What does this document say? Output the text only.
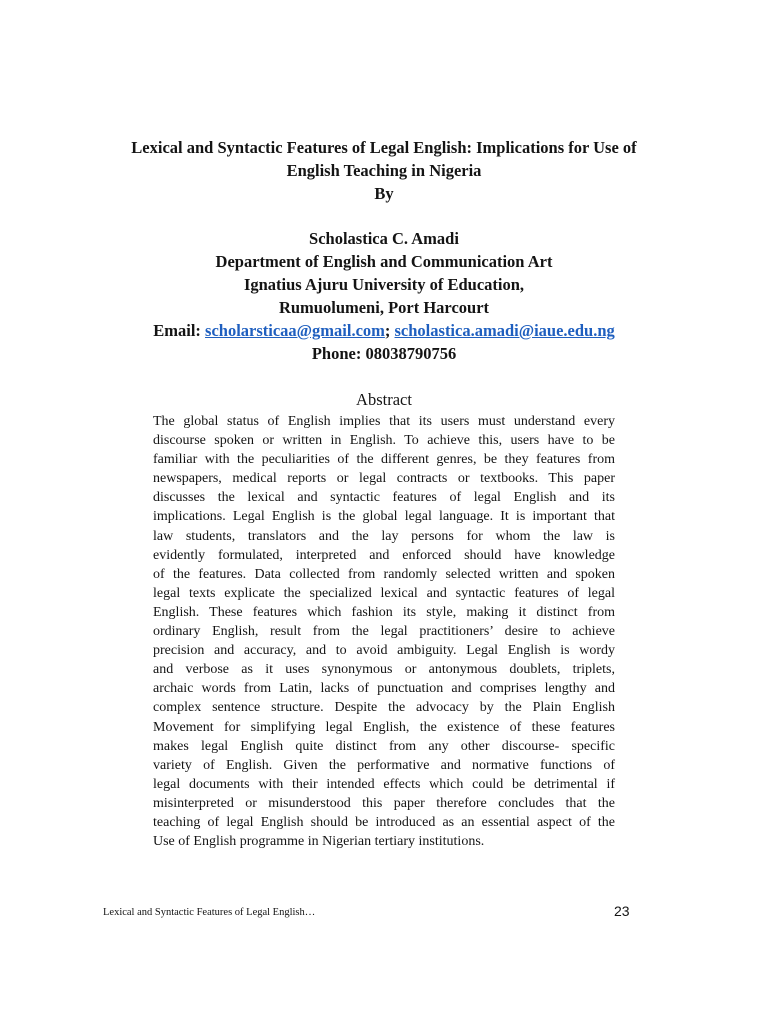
Lexical and Syntactic Features of Legal English: Implications for Use of

English Teaching in Nigeria

By

Scholastica C. Amadi
Department of English and Communication Art
Ignatius Ajuru University of Education,
Rumuolumeni, Port Harcourt
Email: scholarsticaa@gmail.com; scholastica.amadi@iaue.edu.ng
Phone: 08038790756
Abstract
The global status of English implies that its users must understand every
discourse spoken or written in English. To achieve this, users have to be
familiar with the peculiarities of the different genres, be they features from
newspapers, medical reports or legal contracts or textbooks. This paper
discusses the lexical and syntactic features of legal English and its
implications. Legal English is the global legal language. It is important that
law students, translators and the lay persons for whom the law is
evidently formulated, interpreted and enforced should have knowledge
of the features. Data collected from randomly selected written and spoken
legal texts explicate the specialized lexical and syntactic features of legal
English. These features which fashion its style, making it distinct from
ordinary English, result from the legal practitioners’ desire to achieve
precision and accuracy, and to avoid ambiguity. Legal English is wordy
and verbose as it uses synonymous or antonymous doublets, triplets,
archaic words from Latin, lacks of punctuation and comprises lengthy and
complex sentence structure. Despite the advocacy by the Plain English
Movement for simplifying legal English, the existence of these features
makes legal English quite distinct from any other discourse- specific
variety of English. Given the performative and normative functions of
legal documents with their intended effects which could be detrimental if
misinterpreted or misunderstood this paper therefore concludes that the
teaching of legal English should be introduced as an essential aspect of the
Use of English programme in Nigerian tertiary institutions.
Lexical and Syntactic Features of Legal English…	23
